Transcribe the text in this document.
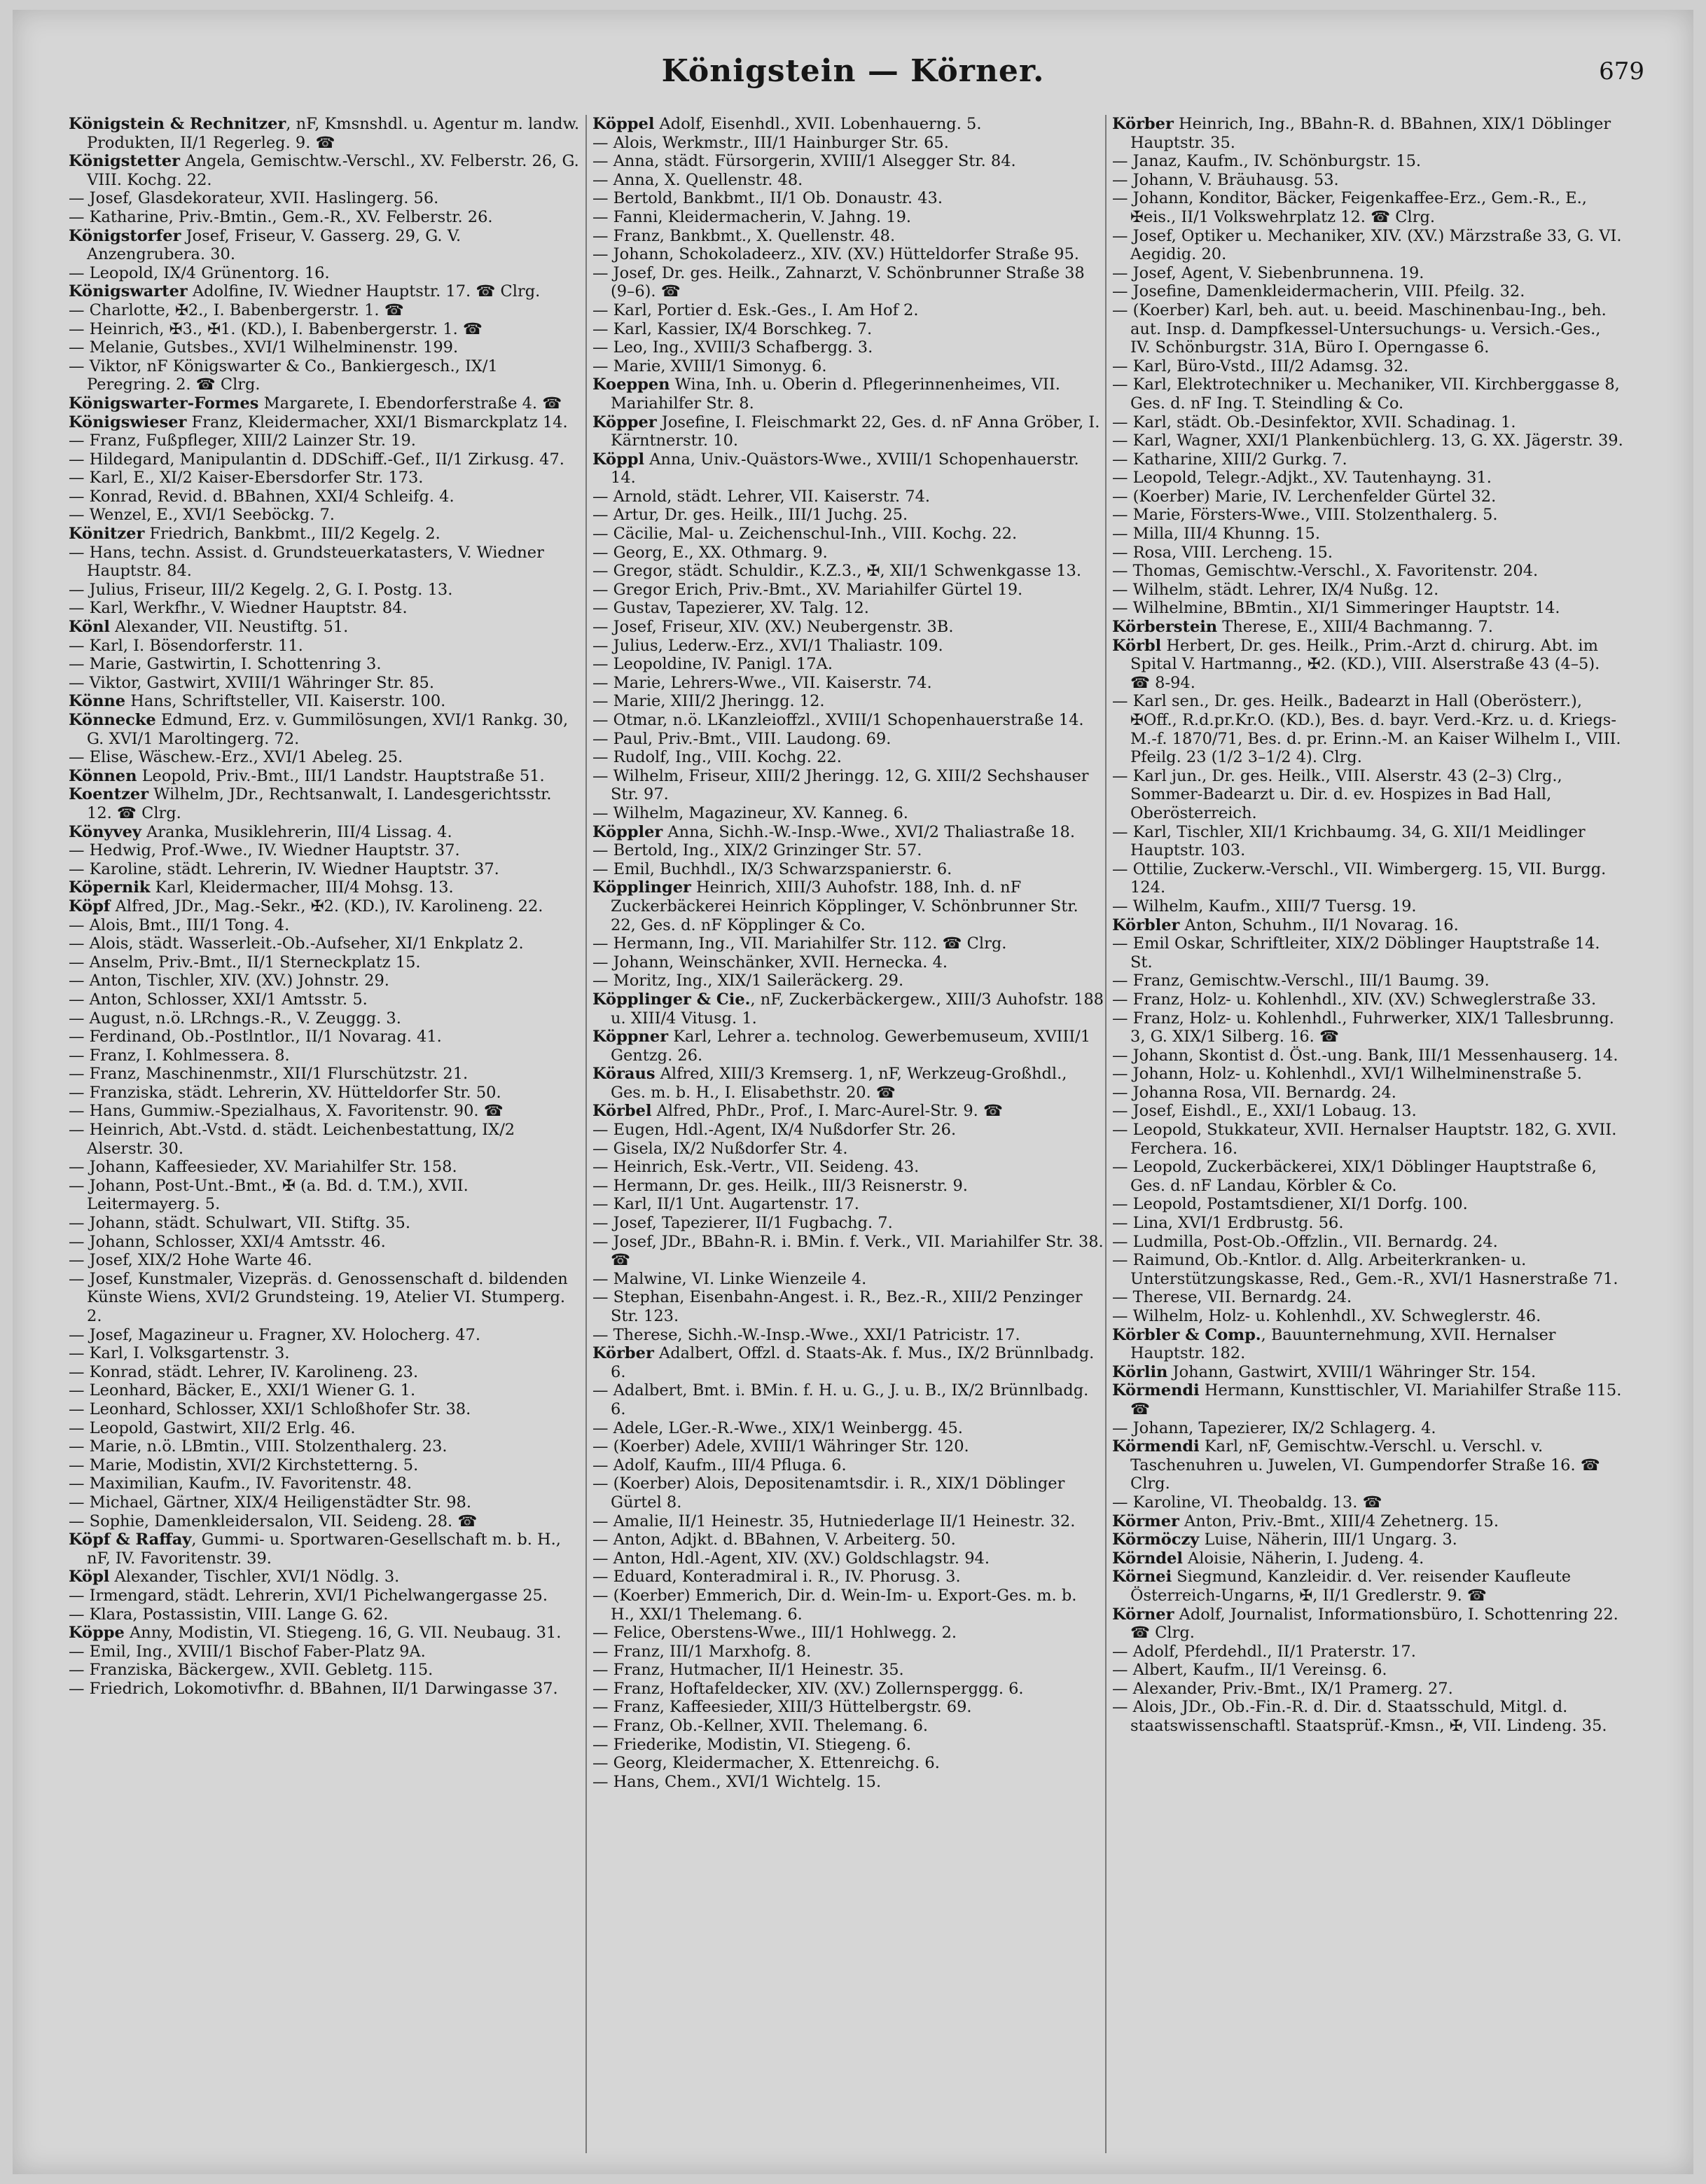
Königstein — Körner.	679

Königstein & Rechnitzer, nF, Kmsnshdl. u. Agentur m. landw. Produkten, II/1 Regerleg. 9. ☎

Königstetter Angela, Gemischtw.-Verschl., XV. Felberstr. 26, G. VIII. Kochg. 22.

— Josef, Glasdekorateur, XVII. Haslingerg. 56.

— Katharine, Priv.-Bmtin., Gem.-R., XV. Felberstr. 26.

Königstorfer Josef, Friseur, V. Gasserg. 29, G. V. Anzengrubera. 30.

— Leopold, IX/4 Grünentorg. 16.

Königswarter Adolfine, IV. Wiedner Hauptstr. 17. ☎ Clrg.

— Charlotte, ✠2., I. Babenbergerstr. 1. ☎

— Heinrich, ✠3., ✠1. (KD.), I. Babenbergerstr. 1. ☎

— Melanie, Gutsbes., XVI/1 Wilhelminenstr. 199.

— Viktor, nF Königswarter & Co., Bankiergesch., IX/1 Peregring. 2. ☎ Clrg.

Königswarter-Formes Margarete, I. Ebendorferstraße 4. ☎

Königswieser Franz, Kleidermacher, XXI/1 Bismarckplatz 14.

— Franz, Fußpfleger, XIII/2 Lainzer Str. 19.

— Hildegard, Manipulantin d. DDSchiff.-Gef., II/1 Zirkusg. 47.

— Karl, E., XI/2 Kaiser-Ebersdorfer Str. 173.

— Konrad, Revid. d. BBahnen, XXI/4 Schleifg. 4.

— Wenzel, E., XVI/1 Seeböckg. 7.

Könitzer Friedrich, Bankbmt., III/2 Kegelg. 2.

— Hans, techn. Assist. d. Grundsteuerkatasters, V. Wiedner Hauptstr. 84.

— Julius, Friseur, III/2 Kegelg. 2, G. I. Postg. 13.

— Karl, Werkfhr., V. Wiedner Hauptstr. 84.

Könl Alexander, VII. Neustiftg. 51.

— Karl, I. Bösendorferstr. 11.

— Marie, Gastwirtin, I. Schottenring 3.

— Viktor, Gastwirt, XVIII/1 Währinger Str. 85.

Könne Hans, Schriftsteller, VII. Kaiserstr. 100.

Könnecke Edmund, Erz. v. Gummilösungen, XVI/1 Rankg. 30, G. XVI/1 Maroltingerg. 72.

— Elise, Wäschew.-Erz., XVI/1 Abeleg. 25.

Können Leopold, Priv.-Bmt., III/1 Landstr. Hauptstraße 51.

Koentzer Wilhelm, JDr., Rechtsanwalt, I. Landesgerichtsstr. 12. ☎ Clrg.

Könyvey Aranka, Musiklehrerin, III/4 Lissag. 4.

— Hedwig, Prof.-Wwe., IV. Wiedner Hauptstr. 37.

— Karoline, städt. Lehrerin, IV. Wiedner Hauptstr. 37.

Köpernik Karl, Kleidermacher, III/4 Mohsg. 13.

Köpf Alfred, JDr., Mag.-Sekr., ✠2. (KD.), IV. Karolineng. 22.

— Alois, Bmt., III/1 Tong. 4.

— Alois, städt. Wasserleit.-Ob.-Aufseher, XI/1 Enkplatz 2.

— Anselm, Priv.-Bmt., II/1 Sterneckplatz 15.

— Anton, Tischler, XIV. (XV.) Johnstr. 29.

— Anton, Schlosser, XXI/1 Amtsstr. 5.

— August, n.ö. LRchngs.-R., V. Zeuggg. 3.

— Ferdinand, Ob.-Postlntlor., II/1 Novarag. 41.

— Franz, I. Kohlmessera. 8.

— Franz, Maschinenmstr., XII/1 Flurschützstr. 21.

— Franziska, städt. Lehrerin, XV. Hütteldorfer Str. 50.

— Hans, Gummiw.-Spezialhaus, X. Favoritenstr. 90. ☎

— Heinrich, Abt.-Vstd. d. städt. Leichenbestattung, IX/2 Alserstr. 30.

— Johann, Kaffeesieder, XV. Mariahilfer Str. 158.

— Johann, Post-Unt.-Bmt., ✠ (a. Bd. d. T.M.), XVII. Leitermayerg. 5.

— Johann, städt. Schulwart, VII. Stiftg. 35.

— Johann, Schlosser, XXI/4 Amtsstr. 46.

— Josef, XIX/2 Hohe Warte 46.

— Josef, Kunstmaler, Vizepräs. d. Genossenschaft d. bildenden Künste Wiens, XVI/2 Grundsteing. 19, Atelier VI. Stumperg. 2.

— Josef, Magazineur u. Fragner, XV. Holocherg. 47.

— Karl, I. Volksgartenstr. 3.

— Konrad, städt. Lehrer, IV. Karolineng. 23.

— Leonhard, Bäcker, E., XXI/1 Wiener G. 1.

— Leonhard, Schlosser, XXI/1 Schloßhofer Str. 38.

— Leopold, Gastwirt, XII/2 Erlg. 46.

— Marie, n.ö. LBmtin., VIII. Stolzenthalerg. 23.

— Marie, Modistin, XVI/2 Kirchstetterng. 5.

— Maximilian, Kaufm., IV. Favoritenstr. 48.

— Michael, Gärtner, XIX/4 Heiligenstädter Str. 98.

— Sophie, Damenkleidersalon, VII. Seideng. 28. ☎

Köpf & Raffay, Gummi- u. Sportwaren-Gesellschaft m. b. H., nF, IV. Favoritenstr. 39.

Köpl Alexander, Tischler, XVI/1 Nödlg. 3.

— Irmengard, städt. Lehrerin, XVI/1 Pichelwangergasse 25.

— Klara, Postassistin, VIII. Lange G. 62.

Köppe Anny, Modistin, VI. Stiegeng. 16, G. VII. Neubaug. 31.

— Emil, Ing., XVIII/1 Bischof Faber-Platz 9A.

— Franziska, Bäckergew., XVII. Gebletg. 115.

— Friedrich, Lokomotivfhr. d. BBahnen, II/1 Darwingasse 37.

Köppel Adolf, Eisenhdl., XVII. Lobenhauerng. 5.

— Alois, Werkmstr., III/1 Hainburger Str. 65.

— Anna, städt. Fürsorgerin, XVIII/1 Alsegger Str. 84.

— Anna, X. Quellenstr. 48.

— Bertold, Bankbmt., II/1 Ob. Donaustr. 43.

— Fanni, Kleidermacherin, V. Jahng. 19.

— Franz, Bankbmt., X. Quellenstr. 48.

— Johann, Schokoladeerz., XIV. (XV.) Hütteldorfer Straße 95.

— Josef, Dr. ges. Heilk., Zahnarzt, V. Schönbrunner Straße 38 (9–6). ☎

— Karl, Portier d. Esk.-Ges., I. Am Hof 2.

— Karl, Kassier, IX/4 Borschkeg. 7.

— Leo, Ing., XVIII/3 Schafbergg. 3.

— Marie, XVIII/1 Simonyg. 6.

Koeppen Wina, Inh. u. Oberin d. Pflegerinnenheimes, VII. Mariahilfer Str. 8.

Köpper Josefine, I. Fleischmarkt 22, Ges. d. nF Anna Gröber, I. Kärntnerstr. 10.

Köppl Anna, Univ.-Quästors-Wwe., XVIII/1 Schopenhauerstr. 14.

— Arnold, städt. Lehrer, VII. Kaiserstr. 74.

— Artur, Dr. ges. Heilk., III/1 Juchg. 25.

— Cäcilie, Mal- u. Zeichenschul-Inh., VIII. Kochg. 22.

— Georg, E., XX. Othmarg. 9.

— Gregor, städt. Schuldir., K.Z.3., ✠, XII/1 Schwenkgasse 13.

— Gregor Erich, Priv.-Bmt., XV. Mariahilfer Gürtel 19.

— Gustav, Tapezierer, XV. Talg. 12.

— Josef, Friseur, XIV. (XV.) Neubergenstr. 3B.

— Julius, Lederw.-Erz., XVI/1 Thaliastr. 109.

— Leopoldine, IV. Panigl. 17A.

— Marie, Lehrers-Wwe., VII. Kaiserstr. 74.

— Marie, XIII/2 Jheringg. 12.

— Otmar, n.ö. LKanzleioffzl., XVIII/1 Schopenhauerstraße 14.

— Paul, Priv.-Bmt., VIII. Laudong. 69.

— Rudolf, Ing., VIII. Kochg. 22.

— Wilhelm, Friseur, XIII/2 Jheringg. 12, G. XIII/2 Sechshauser Str. 97.

— Wilhelm, Magazineur, XV. Kanneg. 6.

Köppler Anna, Sichh.-W.-Insp.-Wwe., XVI/2 Thaliastraße 18.

— Bertold, Ing., XIX/2 Grinzinger Str. 57.

— Emil, Buchhdl., IX/3 Schwarzspanierstr. 6.

Köpplinger Heinrich, XIII/3 Auhofstr. 188, Inh. d. nF Zuckerbäckerei Heinrich Köpplinger, V. Schönbrunner Str. 22, Ges. d. nF Köpplinger & Co.

— Hermann, Ing., VII. Mariahilfer Str. 112. ☎ Clrg.

— Johann, Weinschänker, XVII. Hernecka. 4.

— Moritz, Ing., XIX/1 Saileräckerg. 29.

Köpplinger & Cie., nF, Zuckerbäckergew., XIII/3 Auhofstr. 188 u. XIII/4 Vitusg. 1.

Köppner Karl, Lehrer a. technolog. Gewerbemuseum, XVIII/1 Gentzg. 26.

Köraus Alfred, XIII/3 Kremserg. 1, nF, Werkzeug-Großhdl., Ges. m. b. H., I. Elisabethstr. 20. ☎

Körbel Alfred, PhDr., Prof., I. Marc-Aurel-Str. 9. ☎

— Eugen, Hdl.-Agent, IX/4 Nußdorfer Str. 26.

— Gisela, IX/2 Nußdorfer Str. 4.

— Heinrich, Esk.-Vertr., VII. Seideng. 43.

— Hermann, Dr. ges. Heilk., III/3 Reisnerstr. 9.

— Karl, II/1 Unt. Augartenstr. 17.

— Josef, Tapezierer, II/1 Fugbachg. 7.

— Josef, JDr., BBahn-R. i. BMin. f. Verk., VII. Mariahilfer Str. 38. ☎

— Malwine, VI. Linke Wienzeile 4.

— Stephan, Eisenbahn-Angest. i. R., Bez.-R., XIII/2 Penzinger Str. 123.

— Therese, Sichh.-W.-Insp.-Wwe., XXI/1 Patricistr. 17.

Körber Adalbert, Offzl. d. Staats-Ak. f. Mus., IX/2 Brünnlbadg. 6.

— Adalbert, Bmt. i. BMin. f. H. u. G., J. u. B., IX/2 Brünnlbadg. 6.

— Adele, LGer.-R.-Wwe., XIX/1 Weinbergg. 45.

— (Koerber) Adele, XVIII/1 Währinger Str. 120.

— Adolf, Kaufm., III/4 Pfluga. 6.

— (Koerber) Alois, Depositenamtsdir. i. R., XIX/1 Döblinger Gürtel 8.

— Amalie, II/1 Heinestr. 35, Hutniederlage II/1 Heinestr. 32.

— Anton, Adjkt. d. BBahnen, V. Arbeiterg. 50.

— Anton, Hdl.-Agent, XIV. (XV.) Goldschlagstr. 94.

— Eduard, Konteradmiral i. R., IV. Phorusg. 3.

— (Koerber) Emmerich, Dir. d. Wein-Im- u. Export-Ges. m. b. H., XXI/1 Thelemang. 6.

— Felice, Oberstens-Wwe., III/1 Hohlwegg. 2.

— Franz, III/1 Marxhofg. 8.

— Franz, Hutmacher, II/1 Heinestr. 35.

— Franz, Hoftafeldecker, XIV. (XV.) Zollernsperggg. 6.

— Franz, Kaffeesieder, XIII/3 Hüttelbergstr. 69.

— Franz, Ob.-Kellner, XVII. Thelemang. 6.

— Friederike, Modistin, VI. Stiegeng. 6.

— Georg, Kleidermacher, X. Ettenreichg. 6.

— Hans, Chem., XVI/1 Wichtelg. 15.

Körber Heinrich, Ing., BBahn-R. d. BBahnen, XIX/1 Döblinger Hauptstr. 35.

— Janaz, Kaufm., IV. Schönburgstr. 15.

— Johann, V. Bräuhausg. 53.

— Johann, Konditor, Bäcker, Feigenkaffee-Erz., Gem.-R., E., ✠eis., II/1 Volkswehrplatz 12. ☎ Clrg.

— Josef, Optiker u. Mechaniker, XIV. (XV.) Märzstraße 33, G. VI. Aegidig. 20.

— Josef, Agent, V. Siebenbrunnena. 19.

— Josefine, Damenkleidermacherin, VIII. Pfeilg. 32.

— (Koerber) Karl, beh. aut. u. beeid. Maschinenbau-Ing., beh. aut. Insp. d. Dampfkessel-Untersuchungs- u. Versich.-Ges., IV. Schönburgstr. 31A, Büro I. Operngasse 6.

— Karl, Büro-Vstd., III/2 Adamsg. 32.

— Karl, Elektrotechniker u. Mechaniker, VII. Kirchberggasse 8, Ges. d. nF Ing. T. Steindling & Co.

— Karl, städt. Ob.-Desinfektor, XVII. Schadinag. 1.

— Karl, Wagner, XXI/1 Plankenbüchlerg. 13, G. XX. Jägerstr. 39.

— Katharine, XIII/2 Gurkg. 7.

— Leopold, Telegr.-Adjkt., XV. Tautenhayng. 31.

— (Koerber) Marie, IV. Lerchenfelder Gürtel 32.

— Marie, Försters-Wwe., VIII. Stolzenthalerg. 5.

— Milla, III/4 Khunng. 15.

— Rosa, VIII. Lercheng. 15.

— Thomas, Gemischtw.-Verschl., X. Favoritenstr. 204.

— Wilhelm, städt. Lehrer, IX/4 Nußg. 12.

— Wilhelmine, BBmtin., XI/1 Simmeringer Hauptstr. 14.

Körberstein Therese, E., XIII/4 Bachmanng. 7.

Körbl Herbert, Dr. ges. Heilk., Prim.-Arzt d. chirurg. Abt. im Spital V. Hartmanng., ✠2. (KD.), VIII. Alserstraße 43 (4–5). ☎ 8-94.

— Karl sen., Dr. ges. Heilk., Badearzt in Hall (Oberösterr.), ✠Off., R.d.pr.Kr.O. (KD.), Bes. d. bayr. Verd.-Krz. u. d. Kriegs-M.-f. 1870/71, Bes. d. pr. Erinn.-M. an Kaiser Wilhelm I., VIII. Pfeilg. 23 (1/2 3–1/2 4). Clrg.

— Karl jun., Dr. ges. Heilk., VIII. Alserstr. 43 (2–3) Clrg., Sommer-Badearzt u. Dir. d. ev. Hospizes in Bad Hall, Oberösterreich.

— Karl, Tischler, XII/1 Krichbaumg. 34, G. XII/1 Meidlinger Hauptstr. 103.

— Ottilie, Zuckerw.-Verschl., VII. Wimbergerg. 15, VII. Burgg. 124.

— Wilhelm, Kaufm., XIII/7 Tuersg. 19.

Körbler Anton, Schuhm., II/1 Novarag. 16.

— Emil Oskar, Schriftleiter, XIX/2 Döblinger Hauptstraße 14. St.

— Franz, Gemischtw.-Verschl., III/1 Baumg. 39.

— Franz, Holz- u. Kohlenhdl., XIV. (XV.) Schweglerstraße 33.

— Franz, Holz- u. Kohlenhdl., Fuhrwerker, XIX/1 Tallesbrunng. 3, G. XIX/1 Silberg. 16. ☎

— Johann, Skontist d. Öst.-ung. Bank, III/1 Messenhauserg. 14.

— Johann, Holz- u. Kohlenhdl., XVI/1 Wilhelminenstraße 5.

— Johanna Rosa, VII. Bernardg. 24.

— Josef, Eishdl., E., XXI/1 Lobaug. 13.

— Leopold, Stukkateur, XVII. Hernalser Hauptstr. 182, G. XVII. Ferchera. 16.

— Leopold, Zuckerbäckerei, XIX/1 Döblinger Hauptstraße 6, Ges. d. nF Landau, Körbler & Co.

— Leopold, Postamtsdiener, XI/1 Dorfg. 100.

— Lina, XVI/1 Erdbrustg. 56.

— Ludmilla, Post-Ob.-Offzlin., VII. Bernardg. 24.

— Raimund, Ob.-Kntlor. d. Allg. Arbeiterkranken- u. Unterstützungskasse, Red., Gem.-R., XVI/1 Hasnerstraße 71.

— Therese, VII. Bernardg. 24.

— Wilhelm, Holz- u. Kohlenhdl., XV. Schweglerstr. 46.

Körbler & Comp., Bauunternehmung, XVII. Hernalser Hauptstr. 182.

Körlin Johann, Gastwirt, XVIII/1 Währinger Str. 154.

Körmendi Hermann, Kunsttischler, VI. Mariahilfer Straße 115. ☎

— Johann, Tapezierer, IX/2 Schlagerg. 4.

Körmendi Karl, nF, Gemischtw.-Verschl. u. Verschl. v. Taschenuhren u. Juwelen, VI. Gumpendorfer Straße 16. ☎ Clrg.

— Karoline, VI. Theobaldg. 13. ☎

Körmer Anton, Priv.-Bmt., XIII/4 Zehetnerg. 15.

Körmöczy Luise, Näherin, III/1 Ungarg. 3.

Körndel Aloisie, Näherin, I. Judeng. 4.

Körnei Siegmund, Kanzleidir. d. Ver. reisender Kaufleute Österreich-Ungarns, ✠, II/1 Gredlerstr. 9. ☎

Körner Adolf, Journalist, Informationsbüro, I. Schottenring 22. ☎ Clrg.

— Adolf, Pferdehdl., II/1 Praterstr. 17.

— Albert, Kaufm., II/1 Vereinsg. 6.

— Alexander, Priv.-Bmt., IX/1 Pramerg. 27.

— Alois, JDr., Ob.-Fin.-R. d. Dir. d. Staatsschuld, Mitgl. d. staatswissenschaftl. Staatsprüf.-Kmsn., ✠, VII. Lindeng. 35.
